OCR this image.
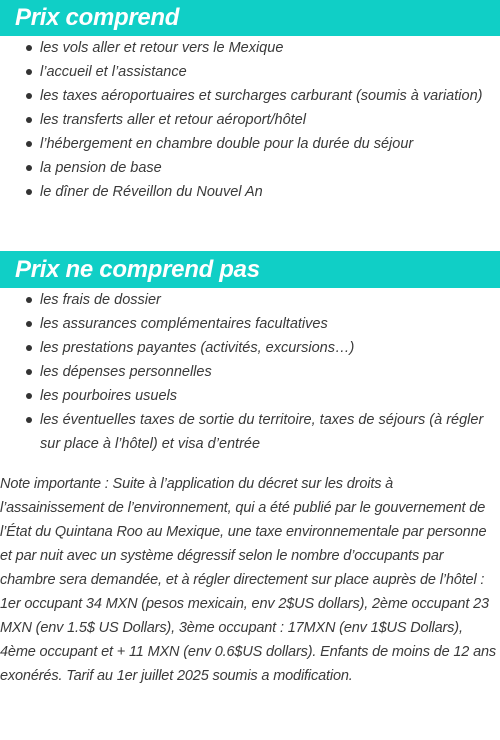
Prix comprend
les vols aller et retour vers le Mexique
l’accueil et l’assistance
les taxes aéroportuaires et surcharges carburant (soumis à variation)
les transferts aller et retour aéroport/hôtel
l’hébergement en chambre double pour la durée du séjour
la pension de base
le dîner de Réveillon du Nouvel An
Prix ne comprend pas
les frais de dossier
les assurances complémentaires facultatives
les prestations payantes (activités, excursions…)
les dépenses personnelles
les pourboires usuels
les éventuelles taxes de sortie du territoire, taxes de séjours (à régler sur place à l’hôtel) et visa d’entrée

Note importante : Suite à l’application du décret sur les droits à l’assainissement de l’environnement, qui a été publié par le gouvernement de l’État du Quintana Roo au Mexique, une taxe environnementale par personne et par nuit avec un système dégressif selon le nombre d’occupants par chambre sera demandée, et à régler directement sur place auprès de l’hôtel : 1er occupant 34 MXN (pesos mexicain, env 2$US dollars), 2ème occupant 23 MXN (env 1.5$ US Dollars), 3ème occupant : 17MXN (env 1$US Dollars), 4ème occupant et + 11 MXN (env 0.6$US dollars). Enfants de moins de 12 ans exonérés. Tarif au 1er juillet 2025 soumis a modification.
